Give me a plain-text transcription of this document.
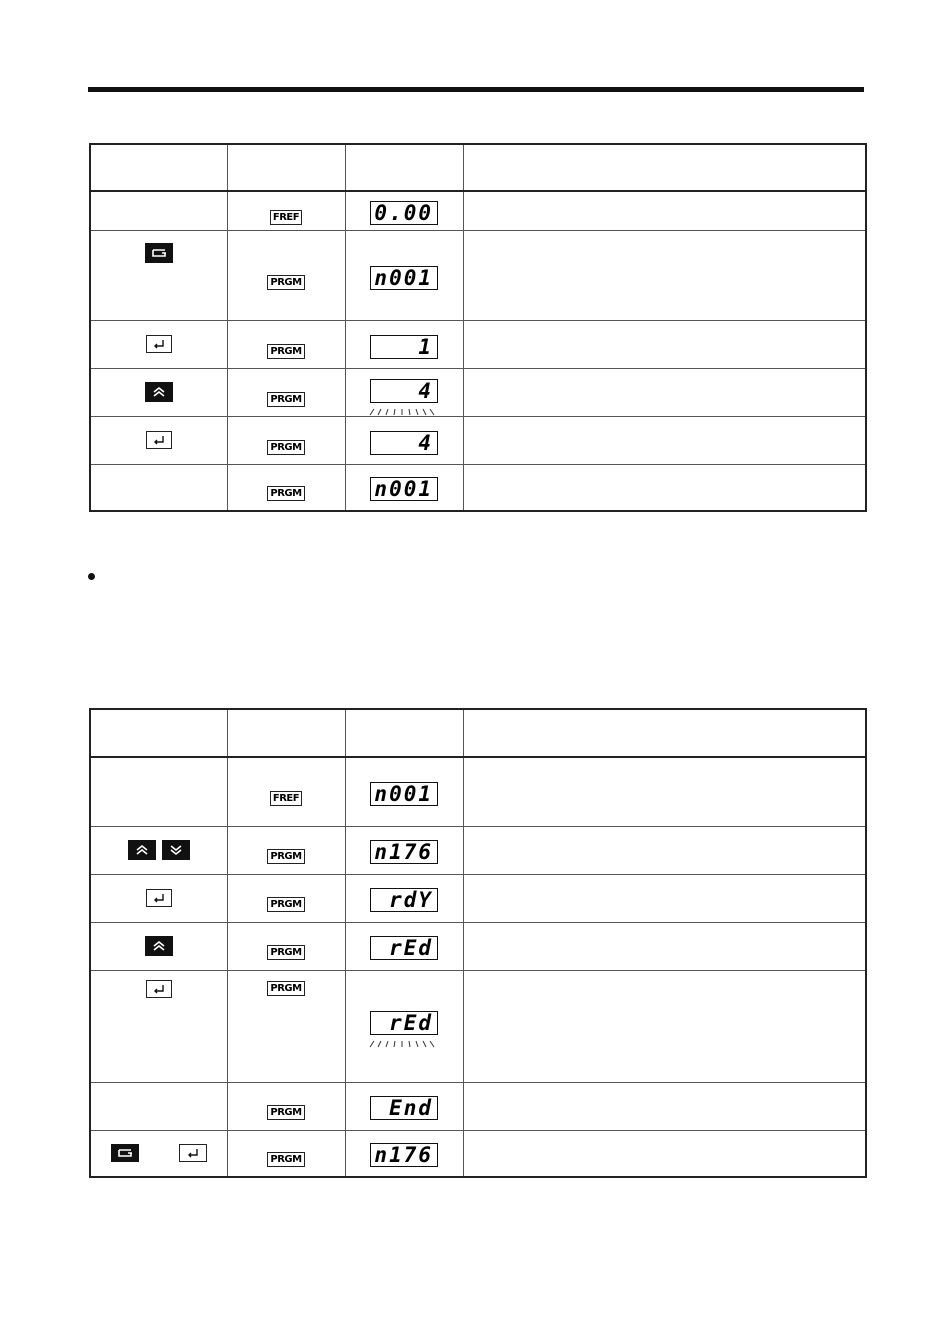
	FREF	0.00	

	PRGM	n001	

	PRGM	1	

	PRGM	4

	PRGM	4	
	PRGM	n001	

	FREF	n001	

	PRGM	n176	

	PRGM	rdY	

	PRGM	rEd	

	PRGM	rEd

	PRGM	End	

	PRGM	n176	
